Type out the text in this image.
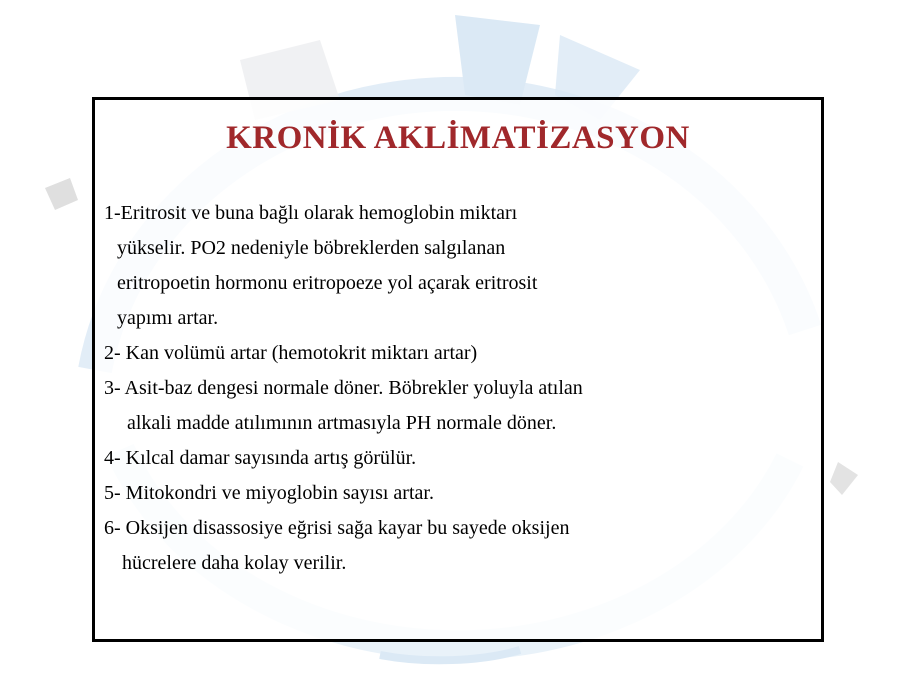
KRONİK AKLİMATİZASYON

1-Eritrosit ve buna bağlı olarak hemoglobin miktarı

yükselir. PO2 nedeniyle böbreklerden salgılanan

eritropoetin hormonu eritropoeze yol açarak eritrosit

yapımı artar.

2- Kan volümü artar (hemotokrit miktarı artar)

3- Asit-baz dengesi normale döner. Böbrekler yoluyla atılan

alkali madde atılımının artmasıyla PH normale döner.

4- Kılcal damar sayısında artış görülür.

5- Mitokondri ve miyoglobin sayısı artar.

6- Oksijen disassosiye eğrisi sağa kayar bu sayede oksijen

hücrelere daha kolay verilir.
